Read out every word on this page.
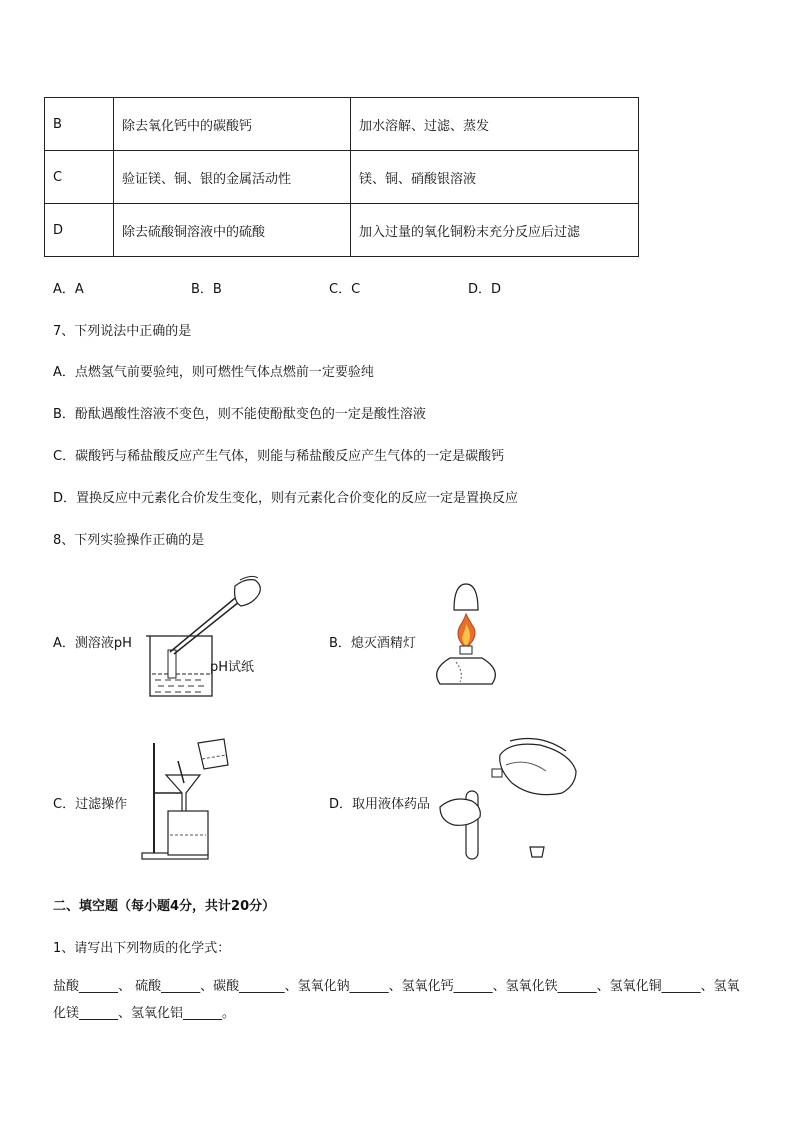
B	除去氧化钙中的碳酸钙	加水溶解、过滤、蒸发
C	验证镁、铜、银的金属活动性	镁、铜、硝酸银溶液
D	除去硫酸铜溶液中的硫酸	加入过量的氧化铜粉末充分反应后过滤
A．A	B．B	C．C	D．D
7、下列说法中正确的是
A．点燃氢气前要验纯，则可燃性气体点燃前一定要验纯
B．酚酞遇酸性溶液不变色，则不能使酚酞变色的一定是酸性溶液
C．碳酸钙与稀盐酸反应产生气体，则能与稀盐酸反应产生气体的一定是碳酸钙
D．置换反应中元素化合价发生变化，则有元素化合价变化的反应一定是置换反应
8、下列实验操作正确的是
A．测溶液pH
pH试纸
B．熄灭酒精灯
C．过滤操作	D．取用液体药品
二、填空题（每小题4分，共计20分）
1、请写出下列物质的化学式：
盐酸______、 硫酸______、碳酸_______、氢氧化钠______、氢氧化钙______、氢氧化铁______、氢氧化铜______、氢氧化镁______、氢氧化铝______。
